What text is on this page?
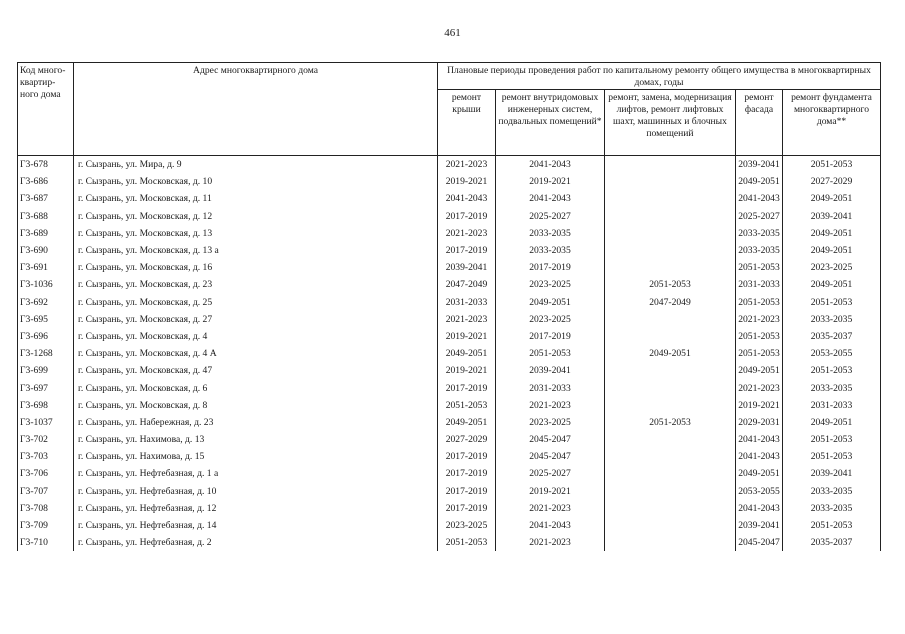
461
Код много-квартир-ного дома	Адрес многоквартирного дома	Плановые периоды проведения работ по капитальному ремонту общего имущества в многоквартирных домах, годы				
		ремонт крыши	ремонт внутридомовых инженерных систем, подвальных помещений*	ремонт, замена, модернизация лифтов, ремонт лифтовых шахт, машинных и блочных помещений	ремонт фасада	ремонт фундамента многоквартирного дома**
Г3-678	г. Сызрань, ул. Мира, д. 9	2021-2023	2041-2043		2039-2041	2051-2053
Г3-686	г. Сызрань, ул. Московская, д. 10	2019-2021	2019-2021		2049-2051	2027-2029
Г3-687	г. Сызрань, ул. Московская, д. 11	2041-2043	2041-2043		2041-2043	2049-2051
Г3-688	г. Сызрань, ул. Московская, д. 12	2017-2019	2025-2027		2025-2027	2039-2041
Г3-689	г. Сызрань, ул. Московская, д. 13	2021-2023	2033-2035		2033-2035	2049-2051
Г3-690	г. Сызрань, ул. Московская, д. 13 а	2017-2019	2033-2035		2033-2035	2049-2051
Г3-691	г. Сызрань, ул. Московская, д. 16	2039-2041	2017-2019		2051-2053	2023-2025
Г3-1036	г. Сызрань, ул. Московская, д. 23	2047-2049	2023-2025	2051-2053	2031-2033	2049-2051
Г3-692	г. Сызрань, ул. Московская, д. 25	2031-2033	2049-2051	2047-2049	2051-2053	2051-2053
Г3-695	г. Сызрань, ул. Московская, д. 27	2021-2023	2023-2025		2021-2023	2033-2035
Г3-696	г. Сызрань, ул. Московская, д. 4	2019-2021	2017-2019		2051-2053	2035-2037
Г3-1268	г. Сызрань, ул. Московская, д. 4 А	2049-2051	2051-2053	2049-2051	2051-2053	2053-2055
Г3-699	г. Сызрань, ул. Московская, д. 47	2019-2021	2039-2041		2049-2051	2051-2053
Г3-697	г. Сызрань, ул. Московская, д. 6	2017-2019	2031-2033		2021-2023	2033-2035
Г3-698	г. Сызрань, ул. Московская, д. 8	2051-2053	2021-2023		2019-2021	2031-2033
Г3-1037	г. Сызрань, ул. Набережная, д. 23	2049-2051	2023-2025	2051-2053	2029-2031	2049-2051
Г3-702	г. Сызрань, ул. Нахимова, д. 13	2027-2029	2045-2047		2041-2043	2051-2053
Г3-703	г. Сызрань, ул. Нахимова, д. 15	2017-2019	2045-2047		2041-2043	2051-2053
Г3-706	г. Сызрань, ул. Нефтебазная, д. 1 а	2017-2019	2025-2027		2049-2051	2039-2041
Г3-707	г. Сызрань, ул. Нефтебазная, д. 10	2017-2019	2019-2021		2053-2055	2033-2035
Г3-708	г. Сызрань, ул. Нефтебазная, д. 12	2017-2019	2021-2023		2041-2043	2033-2035
Г3-709	г. Сызрань, ул. Нефтебазная, д. 14	2023-2025	2041-2043		2039-2041	2051-2053
Г3-710	г. Сызрань, ул. Нефтебазная, д. 2	2051-2053	2021-2023		2045-2047	2035-2037
